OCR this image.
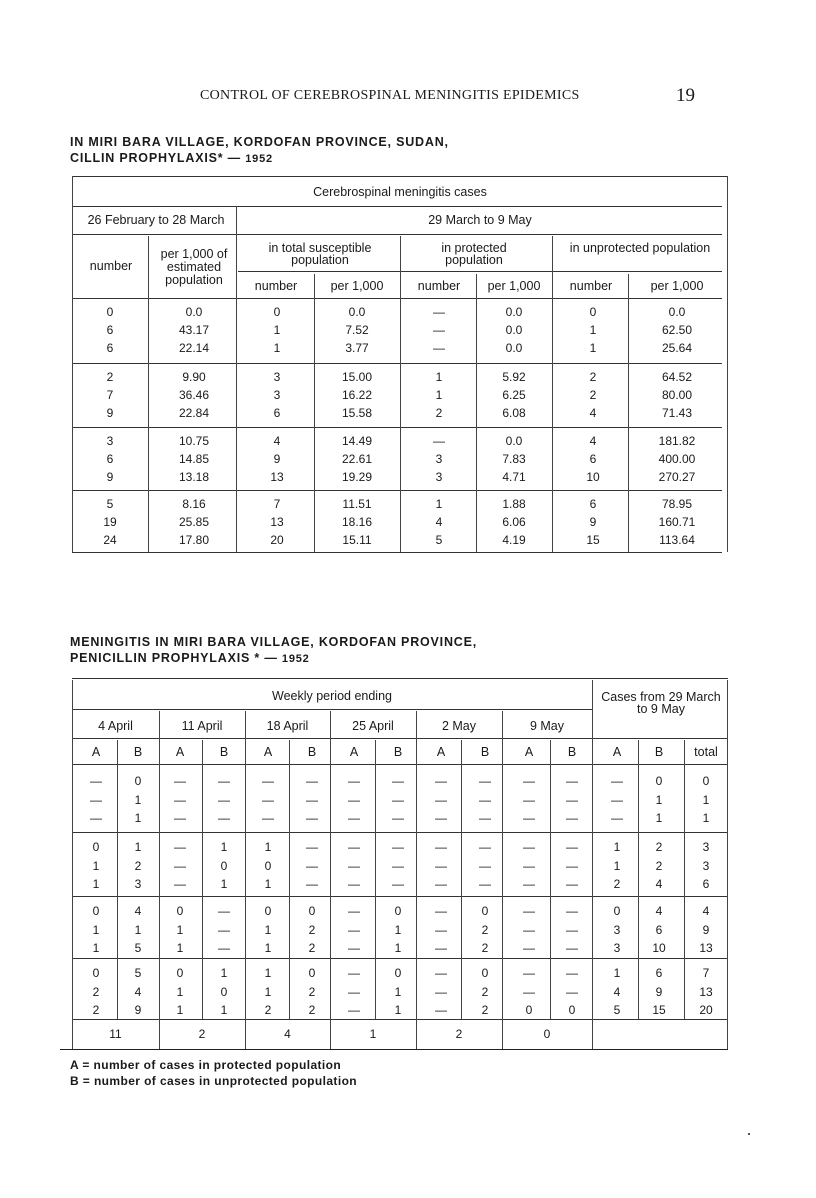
CONTROL OF CEREBROSPINAL MENINGITIS EPIDEMICS	19
IN MIRI BARA VILLAGE, KORDOFAN PROVINCE, SUDAN,
CILLIN PROPHYLAXIS* — 1952
Cerebrospinal meningitis cases
26 February to 28 March	29 March to 9 May
number
per 1,000 of estimated population
in total susceptible population
in protected population
in unprotected population
number	per 1,000	number	per 1,000	number	per 1,000
0	0.0	0	0.0	—	0.0	0	0.0
6	43.17	1	7.52	—	0.0	1	62.50
6	22.14	1	3.77	—	0.0	1	25.64
2	9.90	3	15.00	1	5.92	2	64.52
7	36.46	3	16.22	1	6.25	2	80.00
9	22.84	6	15.58	2	6.08	4	71.43
3	10.75	4	14.49	—	0.0	4	181.82
6	14.85	9	22.61	3	7.83	6	400.00
9	13.18	13	19.29	3	4.71	10	270.27
5	8.16	7	11.51	1	1.88	6	78.95
19	25.85	13	18.16	4	6.06	9	160.71
24	17.80	20	15.11	5	4.19	15	113.64
MENINGITIS IN MIRI BARA VILLAGE, KORDOFAN PROVINCE,
PENICILLIN PROPHYLAXIS * — 1952
Weekly period ending	Cases from 29 March to 9 May
A = number of cases in protected population
B = number of cases in unprotected population
4 April	11 April	18 April	25 April	2 May	9 May
A	B	A	B	A	B	A	B	A	B	A	B	A	B	total
—	0	—	—	—	—	—	—	—	—	—	—	—	0	0
—	1	—	—	—	—	—	—	—	—	—	—	—	1	1
—	1	—	—	—	—	—	—	—	—	—	—	—	1	1
0	1	—	1	1	—	—	—	—	—	—	—	1	2	3
1	2	—	0	0	—	—	—	—	—	—	—	1	2	3
1	3	—	1	1	—	—	—	—	—	—	—	2	4	6
0	4	0	—	0	0	—	0	—	0	—	—	0	4	4
1	1	1	—	1	2	—	1	—	2	—	—	3	6	9
1	5	1	—	1	2	—	1	—	2	—	—	3	10	13
0	5	0	1	1	0	—	0	—	0	—	—	1	6	7
2	4	1	0	1	2	—	1	—	2	—	—	4	9	13
2	9	1	1	2	2	—	1	—	2	0	0	5	15	20
11	2	4	1	2	0
